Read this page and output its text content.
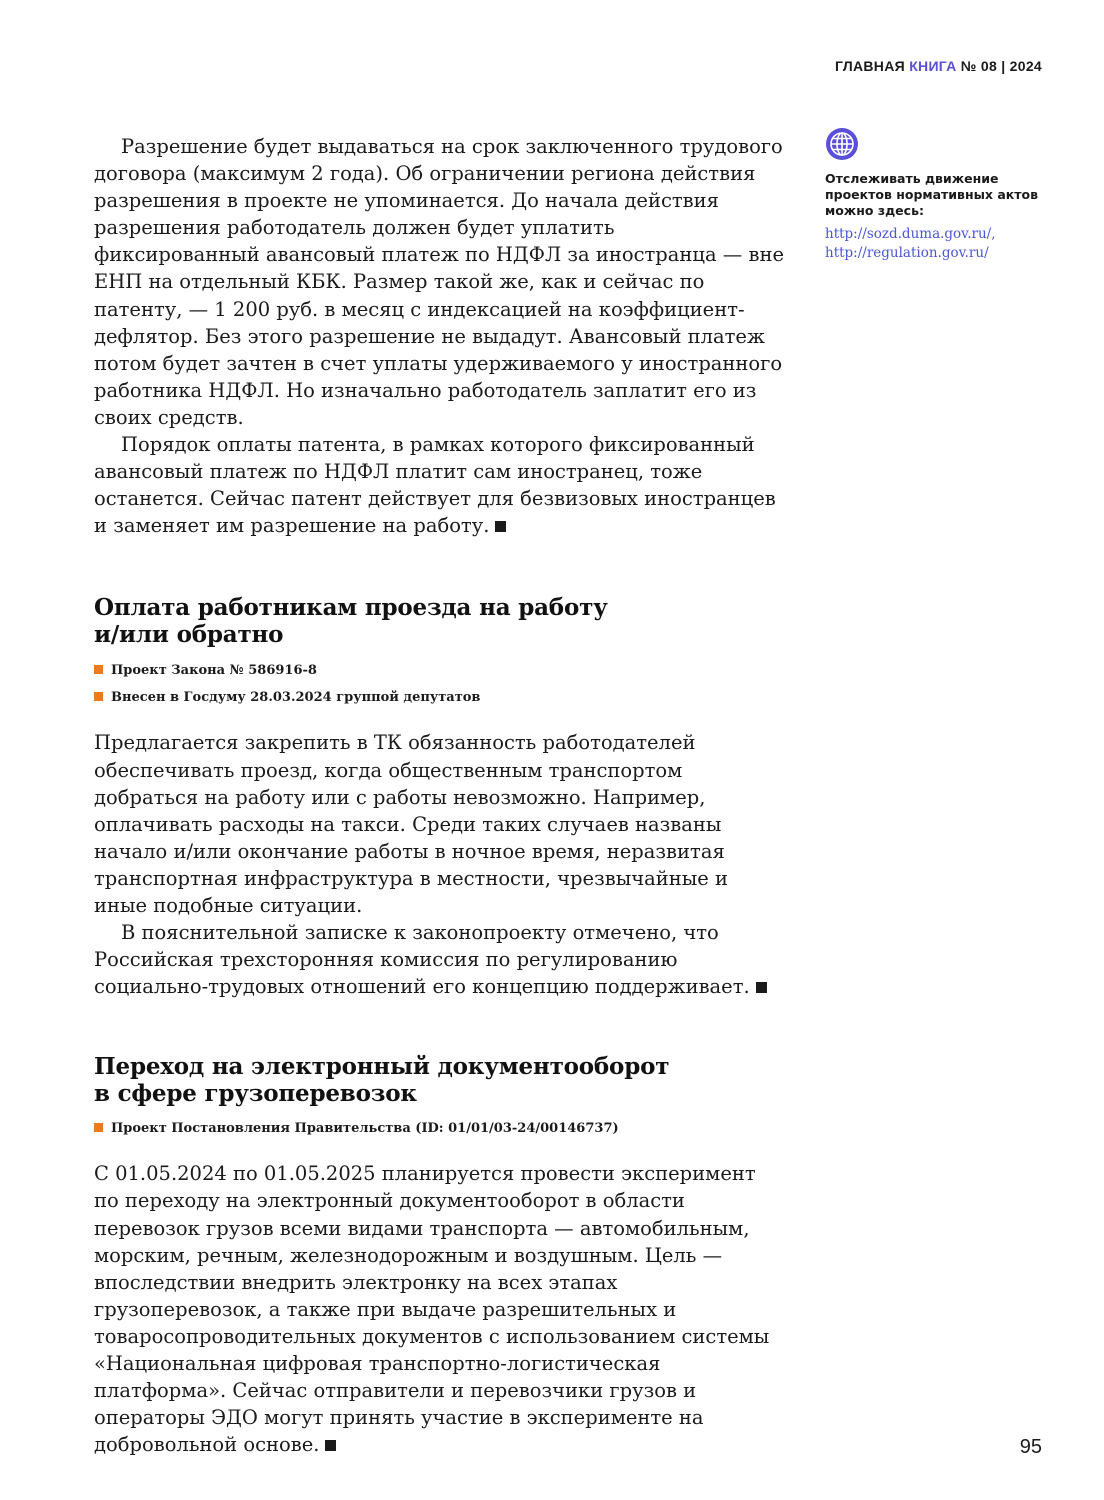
ГЛАВНАЯ КНИГА № 08 | 2024
Отслеживать движение проектов нормативных актов можно здесь:
http://sozd.duma.gov.ru/,
http://regulation.gov.ru/

Разрешение будет выдаваться на срок заключенного трудового договора (максимум 2 года). Об ограничении региона действия разрешения в проекте не упоминается. До начала действия разрешения работодатель должен будет уплатить фиксированный авансовый платеж по НДФЛ за иностранца — вне ЕНП на отдельный КБК. Размер такой же, как и сейчас по патенту, — 1 200 руб. в месяц с индексацией на коэффициент-дефлятор. Без этого разрешение не выдадут. Авансовый платеж потом будет зачтен в счет уплаты удерживаемого у иностранного работника НДФЛ. Но изначально работодатель заплатит его из своих средств.

Порядок оплаты патента, в рамках которого фиксированный авансовый платеж по НДФЛ платит сам иностранец, тоже останется. Сейчас патент действует для безвизовых иностранцев и заменяет им разрешение на работу.

Оплата работникам проезда на работу
и/или обратно
Проект Закона № 586916-8
Внесен в Госдуму 28.03.2024 группой депутатов

Предлагается закрепить в ТК обязанность работодателей обеспечивать проезд, когда общественным транспортом добраться на работу или с работы невозможно. Например, оплачивать расходы на такси. Среди таких случаев названы начало и/или окончание работы в ночное время, неразвитая транспортная инфраструктура в местности, чрезвычайные и иные подобные ситуации.

В пояснительной записке к законопроекту отмечено, что Российская трехсторонняя комиссия по регулированию социально-трудовых отношений его концепцию поддерживает.

Переход на электронный документооборот
в сфере грузоперевозок
Проект Постановления Правительства (ID: 01/01/03-24/00146737)

С 01.05.2024 по 01.05.2025 планируется провести эксперимент по переходу на электронный документооборот в области перевозок грузов всеми видами транспорта — автомобильным, морским, речным, железнодорожным и воздушным. Цель — впоследствии внедрить электронку на всех этапах грузоперевозок, а также при выдаче разрешительных и товаросопроводительных документов с использованием системы «Национальная цифровая транспортно-логистическая платформа». Сейчас отправители и перевозчики грузов и операторы ЭДО могут принять участие в эксперименте на добровольной основе.	95
